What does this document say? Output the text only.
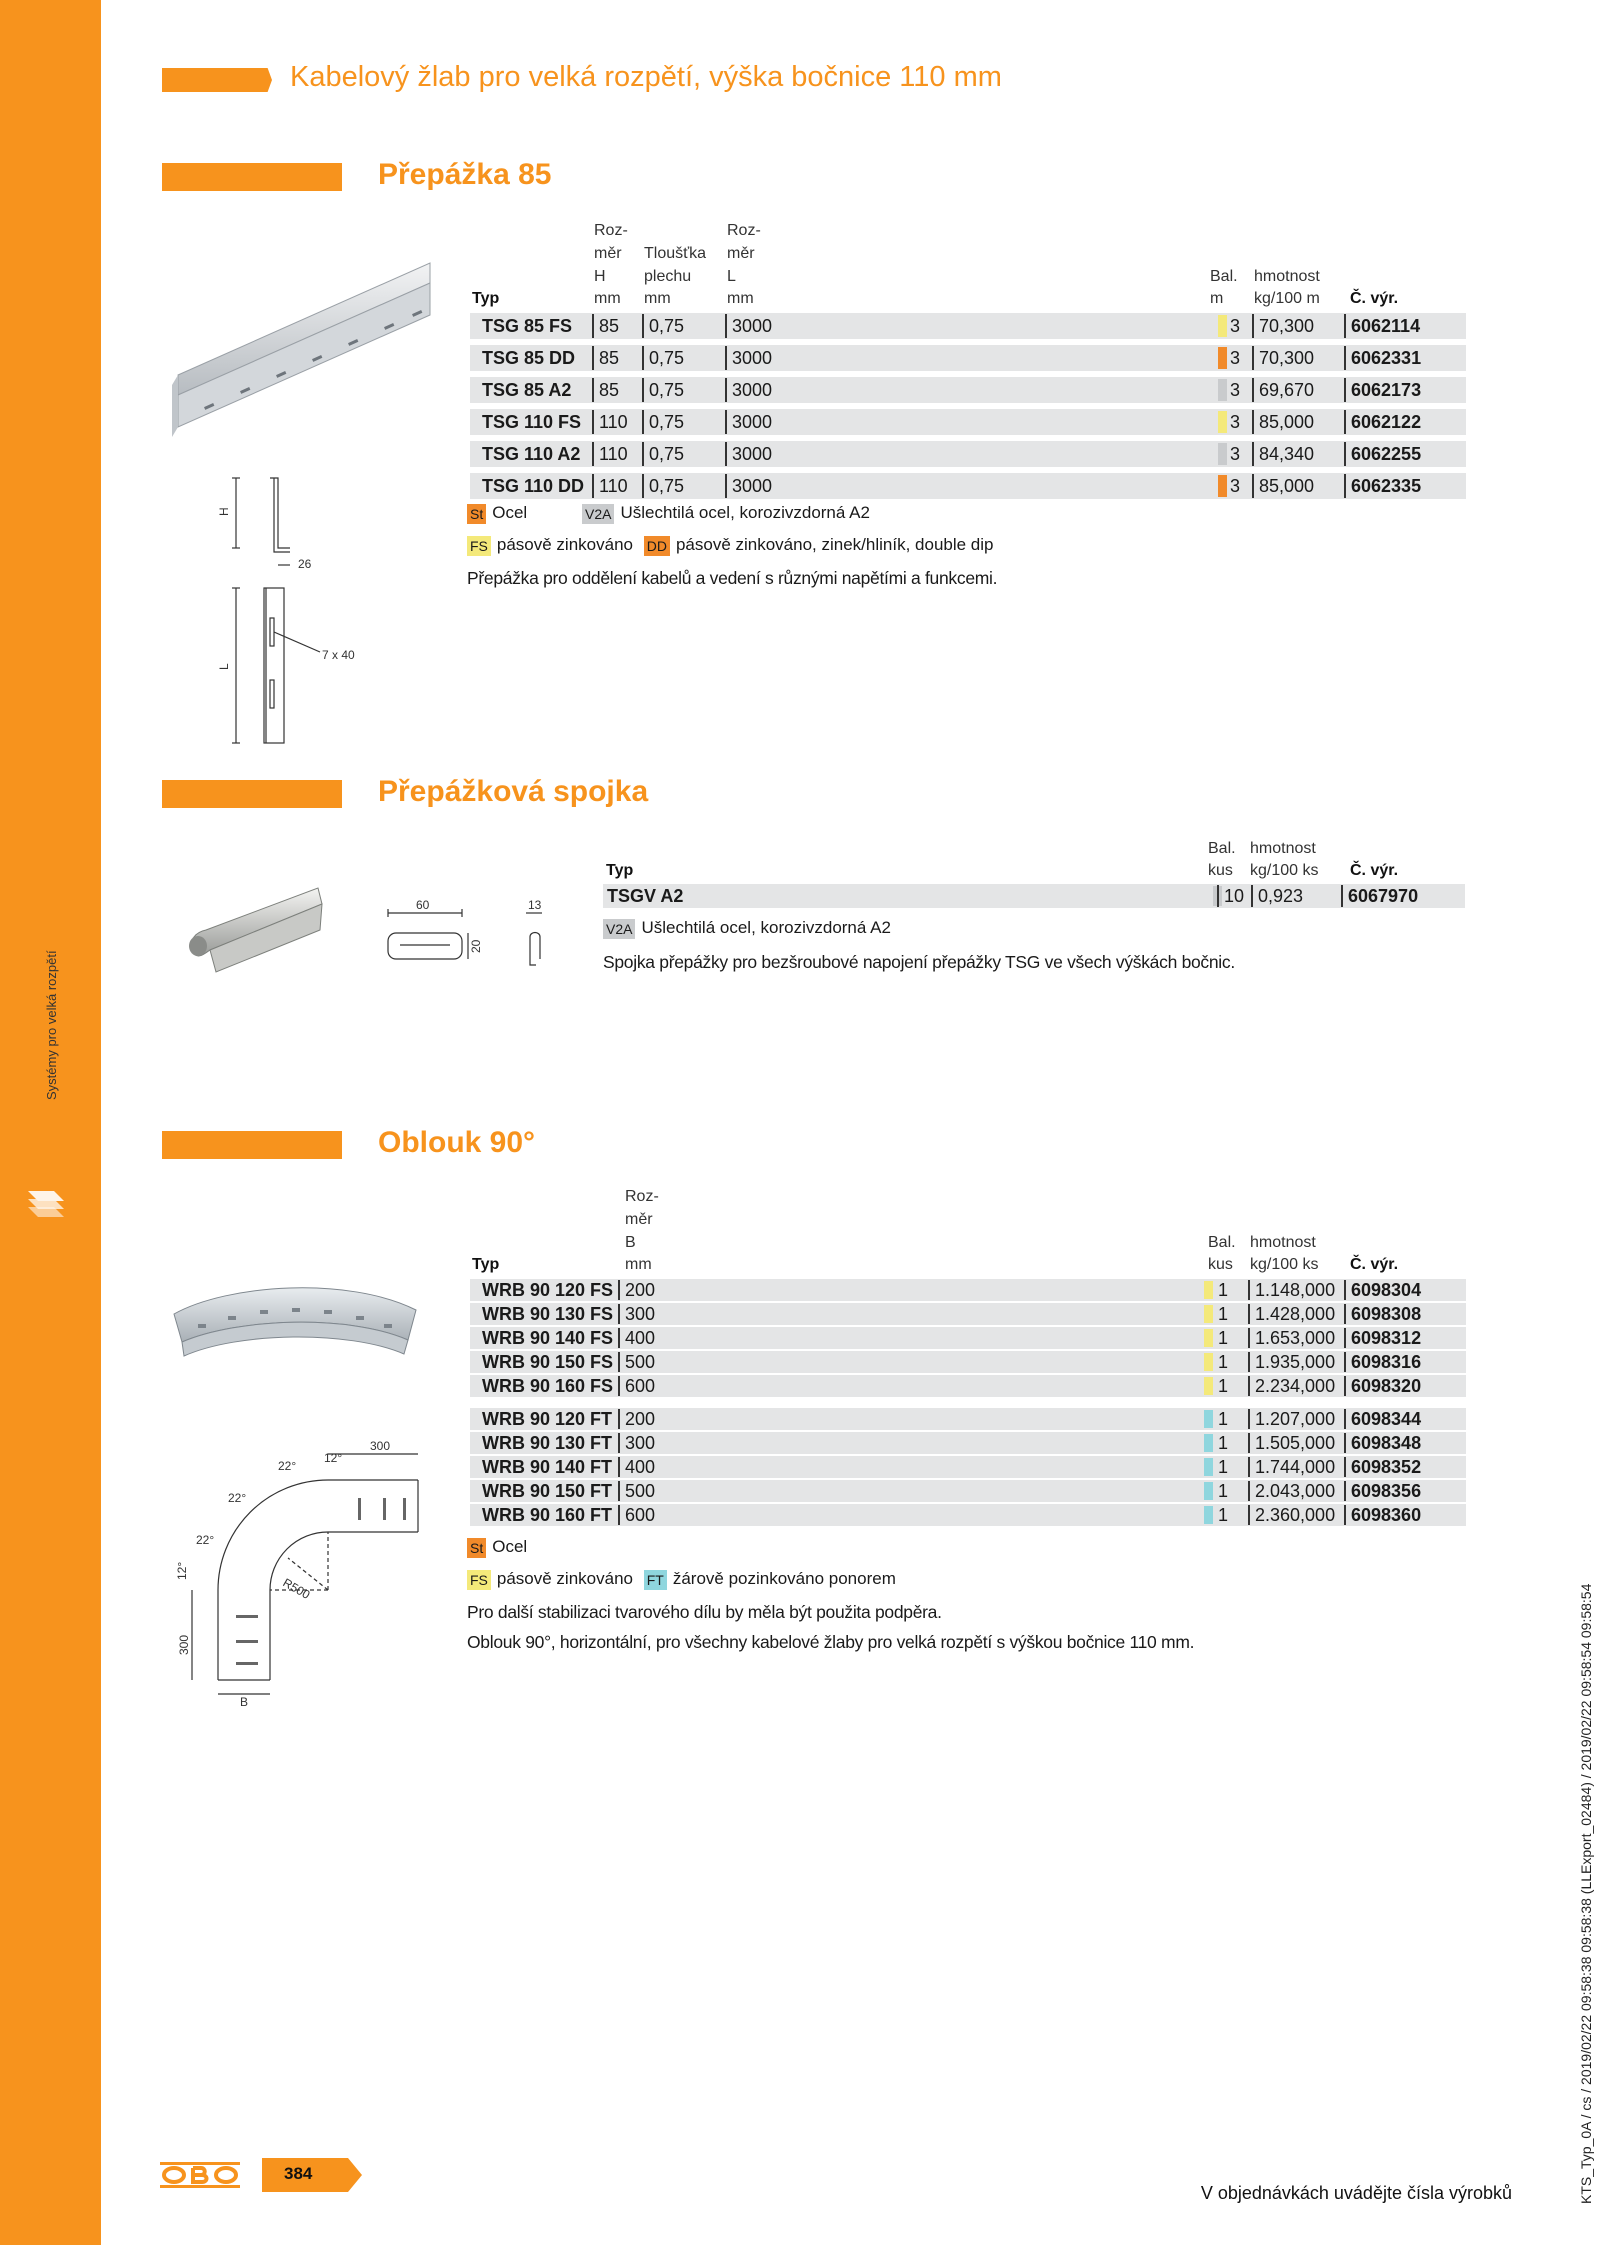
Systémy pro velká rozpětí
Kabelový žlab pro velká rozpětí, výška bočnice 110 mm
Přepážka 85
H
26
L
7 x 40
Typ
Roz-
měr
H
mm
Tloušťka
plechu
mm
Roz-
měr
L
mm
Bal.
m
hmotnost
kg/100 m Č. výr.
TSG 85 FS	85	0,75	3000	3	70,300	6062114
TSG 85 DD	85	0,75	3000	3	70,300	6062331
TSG 85 A2	85	0,75	3000	3	69,670	6062173
TSG 110 FS 110	0,75	3000	3	85,000	6062122
TSG 110 A2	110	0,75	3000	3	84,340	6062255
TSG 110 DD 110	0,75	3000	3	85,000	6062335
St Ocel	V2A Ušlechtilá ocel, korozivzdorná A2
FS pásově zinkováno DD pásově zinkováno, zinek/hliník, double dip
Přepážka pro oddělení kabelů a vedení s různými napětími a funkcemi.
Přepážková spojka
60	13
20
Typ
Bal.
kus
hmotnost
kg/100 ks Č. výr.
TSGV A2	10 0,923	6067970
V2A Ušlechtilá ocel, korozivzdorná A2
Spojka přepážky pro bezšroubové napojení přepážky TSG ve všech výškách bočnic.
Oblouk 90°
22°
12°
300
22°
22°
12°
300
R500
B
Roz-
měr
B
mm
Typ
Bal.
kus
hmotnost
kg/100 ks Č. výr.
WRB 90 120 FS 200	1	1.148,000 6098304
WRB 90 130 FS 300	1	1.428,000 6098308
WRB 90 140 FS 400	1	1.653,000 6098312
WRB 90 150 FS 500	1	1.935,000 6098316
WRB 90 160 FS 600	1	2.234,000 6098320
WRB 90 120 FT 200	1	1.207,000 6098344
WRB 90 130 FT 300	1	1.505,000 6098348
WRB 90 140 FT 400	1	1.744,000 6098352
WRB 90 150 FT 500	1	2.043,000 6098356
WRB 90 160 FT 600	1	2.360,000 6098360
St Ocel
FS pásově zinkováno FT žárově pozinkováno ponorem
Pro další stabilizaci tvarového dílu by měla být použita podpěra.
Oblouk 90°, horizontální, pro všechny kabelové žlaby pro velká rozpětí s výškou bočnice 110 mm.
384
V objednávkách uvádějte čísla výrobků	KTS_Typ_0A / cs / 2019/02/22 09:58:38 09:58:38 (LLExport_02484) / 2019/02/22 09:58:54 09:58:54
